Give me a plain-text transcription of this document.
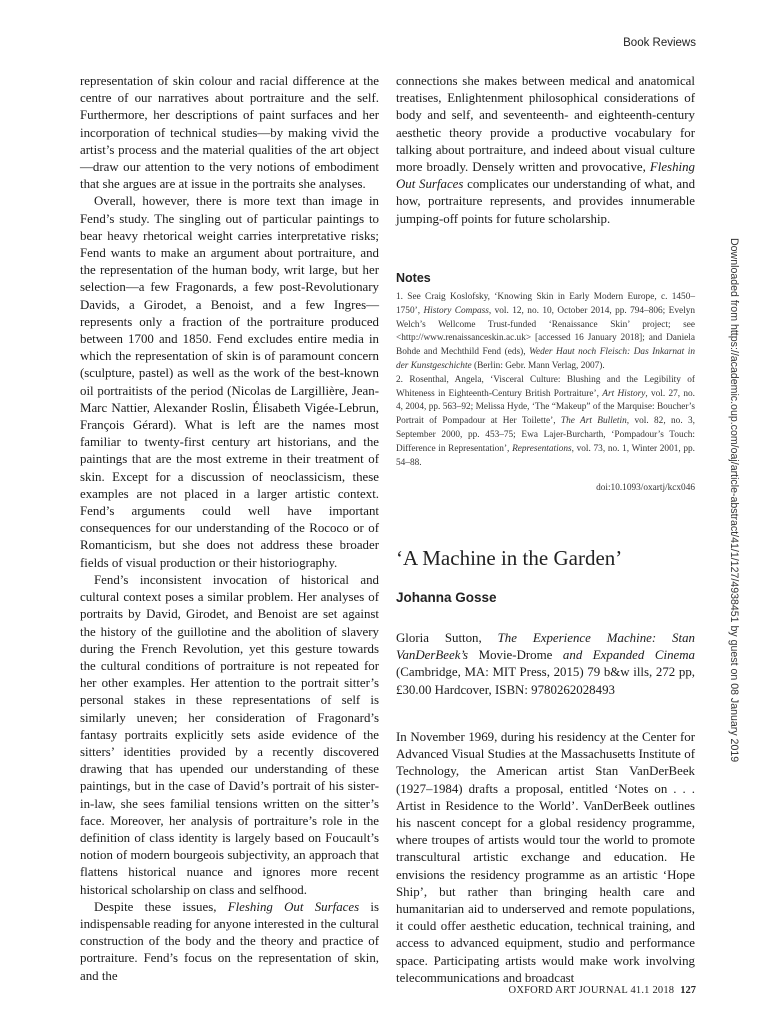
Book Reviews

representation of skin colour and racial difference at the centre of our narratives about portraiture and the self. Furthermore, her descriptions of paint surfaces and her incorporation of technical studies—by making vivid the artist’s process and the material qualities of the art object—draw our attention to the very notions of embodiment that she argues are at issue in the portraits she analyses.

Overall, however, there is more text than image in Fend’s study. The singling out of particular paintings to bear heavy rhetorical weight carries interpretative risks; Fend wants to make an argument about portraiture, and the representation of the human body, writ large, but her selection—a few Fragonards, a few post-Revolutionary Davids, a Girodet, a Benoist, and a few Ingres—represents only a fraction of the portraiture produced between 1700 and 1850. Fend excludes entire media in which the representation of skin is of paramount concern (sculpture, pastel) as well as the work of the best-known oil portraitists of the period (Nicolas de Largillière, Jean-Marc Nattier, Alexander Roslin, Élisabeth Vigée-Lebrun, François Gérard). What is left are the names most familiar to twenty-first century art historians, and the paintings that are the most extreme in their treatment of skin. Except for a discussion of neoclassicism, these examples are not placed in a larger artistic context. Fend’s arguments could well have important consequences for our understanding of the Rococo or of Romanticism, but she does not address these broader fields of visual production or their historiography.

Fend’s inconsistent invocation of historical and cultural context poses a similar problem. Her analyses of portraits by David, Girodet, and Benoist are set against the history of the guillotine and the abolition of slavery during the French Revolution, yet this gesture towards the cultural conditions of portraiture is not repeated for her other examples. Her attention to the portrait sitter’s personal stakes in these representations of self is similarly uneven; her consideration of Fragonard’s fantasy portraits explicitly sets aside evidence of the sitters’ identities provided by a recently discovered drawing that has upended our understanding of these paintings, but in the case of David’s portrait of his sister-in-law, she sees familial tensions written on the sitter’s face. Moreover, her analysis of portraiture’s role in the definition of class identity is largely based on Foucault’s notion of modern bourgeois subjectivity, an approach that flattens historical nuance and ignores more recent historical scholarship on class and selfhood.

Despite these issues, Fleshing Out Surfaces is indispensable reading for anyone interested in the cultural construction of the body and the theory and practice of portraiture. Fend’s focus on the representation of skin, and the

connections she makes between medical and anatomical treatises, Enlightenment philosophical considerations of body and self, and seventeenth- and eighteenth-century aesthetic theory provide a productive vocabulary for talking about portraiture, and indeed about visual culture more broadly. Densely written and provocative, Fleshing Out Surfaces complicates our understanding of what, and how, portraiture represents, and provides innumerable jumping-off points for future scholarship.

Notes

1. See Craig Koslofsky, ‘Knowing Skin in Early Modern Europe, c. 1450–1750’, History Compass, vol. 12, no. 10, October 2014, pp. 794–806; Evelyn Welch’s Wellcome Trust-funded ‘Renaissance Skin’ project; see <http://www.renaissanceskin.ac.uk> [accessed 16 January 2018]; and Daniela Bohde and Mechthild Fend (eds), Weder Haut noch Fleisch: Das Inkarnat in der Kunstgeschichte (Berlin: Gebr. Mann Verlag, 2007).

2. Rosenthal, Angela, ‘Visceral Culture: Blushing and the Legibility of Whiteness in Eighteenth-Century British Portraiture’, Art History, vol. 27, no. 4, 2004, pp. 563–92; Melissa Hyde, ‘The “Makeup” of the Marquise: Boucher’s Portrait of Pompadour at Her Toilette’, The Art Bulletin, vol. 82, no. 3, September 2000, pp. 453–75; Ewa Lajer-Burcharth, ‘Pompadour’s Touch: Difference in Representation’, Representations, vol. 73, no. 1, Winter 2001, pp. 54–88.

doi:10.1093/oxartj/kcx046
‘A Machine in the Garden’
Johanna Gosse

Gloria Sutton, The Experience Machine: Stan VanDerBeek’s Movie-Drome and Expanded Cinema (Cambridge, MA: MIT Press, 2015) 79 b&w ills, 272 pp, £30.00 Hardcover, ISBN: 9780262028493

In November 1969, during his residency at the Center for Advanced Visual Studies at the Massachusetts Institute of Technology, the American artist Stan VanDerBeek (1927–1984) drafts a proposal, entitled ‘Notes on . . . Artist in Residence to the World’. VanDerBeek outlines his nascent concept for a global residency programme, where troupes of artists would tour the world to promote transcultural artistic exchange and education. He envisions the residency programme as an artistic ‘Hope Ship’, but rather than bringing health care and humanitarian aid to underserved and remote populations, it could offer aesthetic education, technical training, and access to advanced equipment, studio and performance space. Participating artists would make work involving telecommunications and broadcast

Downloaded from https://academic.oup.com/oaj/article-abstract/41/1/127/4938451 by guest on 08 January 2019
OXFORD ART JOURNAL 41.1 2018 127
